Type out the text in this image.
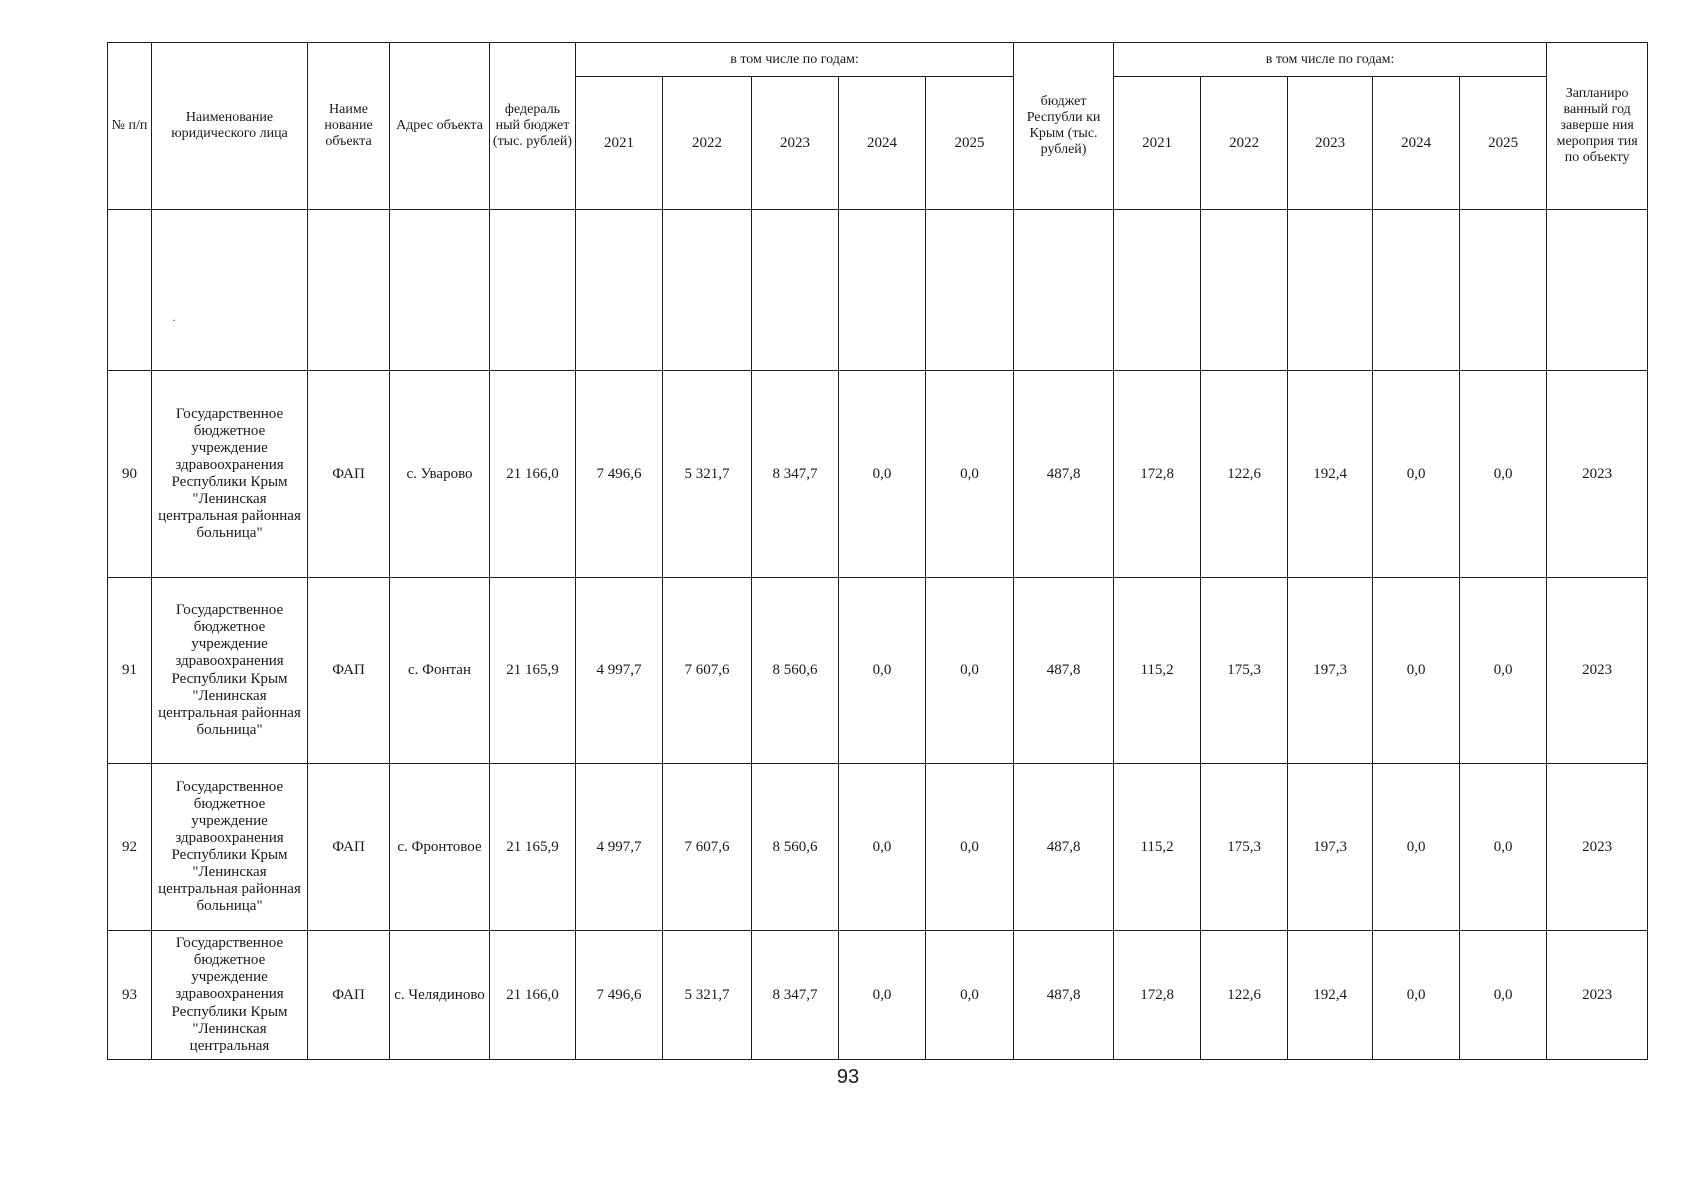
№ п/п	Наименование юридического лица	Наиме нование объекта	Адрес объекта	федераль ный бюджет (тыс. рублей)	в том числе по годам:					бюджет Республи ки Крым (тыс. рублей)	в том числе по годам:					Запланиро ванный год заверше ния мероприя тия по объекту
					2021	2022	2023	2024	2025		2021	2022	2023	2024	2025	

	·															

90	Государственное бюджетное учреждение здравоохранения Республики Крым "Ленинская центральная районная больница"	ФАП	с. Уварово	21 166,0	7 496,6	5 321,7	8 347,7	0,0	0,0	487,8	172,8	122,6	192,4	0,0	0,0	2023
91	Государственное бюджетное учреждение здравоохранения Республики Крым "Ленинская центральная районная больница"	ФАП	с. Фонтан	21 165,9	4 997,7	7 607,6	8 560,6	0,0	0,0	487,8	115,2	175,3	197,3	0,0	0,0	2023
92	Государственное бюджетное учреждение здравоохранения Республики Крым "Ленинская центральная районная больница"	ФАП	с. Фронтовое	21 165,9	4 997,7	7 607,6	8 560,6	0,0	0,0	487,8	115,2	175,3	197,3	0,0	0,0	2023
93	Государственное бюджетное учреждение здравоохранения Республики Крым "Ленинская центральная	ФАП	с. Челядиново	21 166,0	7 496,6	5 321,7	8 347,7	0,0	0,0	487,8	172,8	122,6	192,4	0,0	0,0	2023
93
